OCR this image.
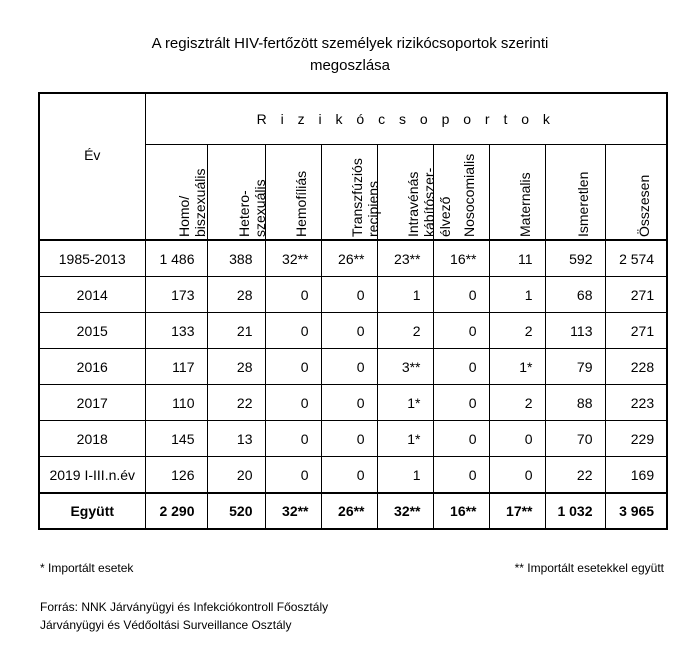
A regisztrált HIV-fertőzött személyek rizikócsoportok szerinti
megoszlása
Év	R i z i k ó c s o p o r t o k								

	Homo/
biszexuális	Hetero-
szexuális	Hemofíliás	Transzfúziós
recipiens	Intravénás
kábítószer-
élvező	Nosocomialis	Maternalis	Ismeretlen	Összesen

1985-2013	1 486	388	32**	26**	23**	16**	11	592	2 574
2014	173	28	0	0	1	0	1	68	271
2015	133	21	0	0	2	0	2	113	271
2016	117	28	0	0	3**	0	1*	79	228
2017	110	22	0	0	1*	0	2	88	223
2018	145	13	0	0	1*	0	0	70	229
2019 I-III.n.év	126	20	0	0	1	0	0	22	169
Együtt	2 290	520	32**	26**	32**	16**	17**	1 032	3 965
* Importált esetek	** Importált esetekkel együtt
Forrás: NNK Járványügyi és Infekciókontroll Főosztály
Járványügyi és Védőoltási Surveillance Osztály
